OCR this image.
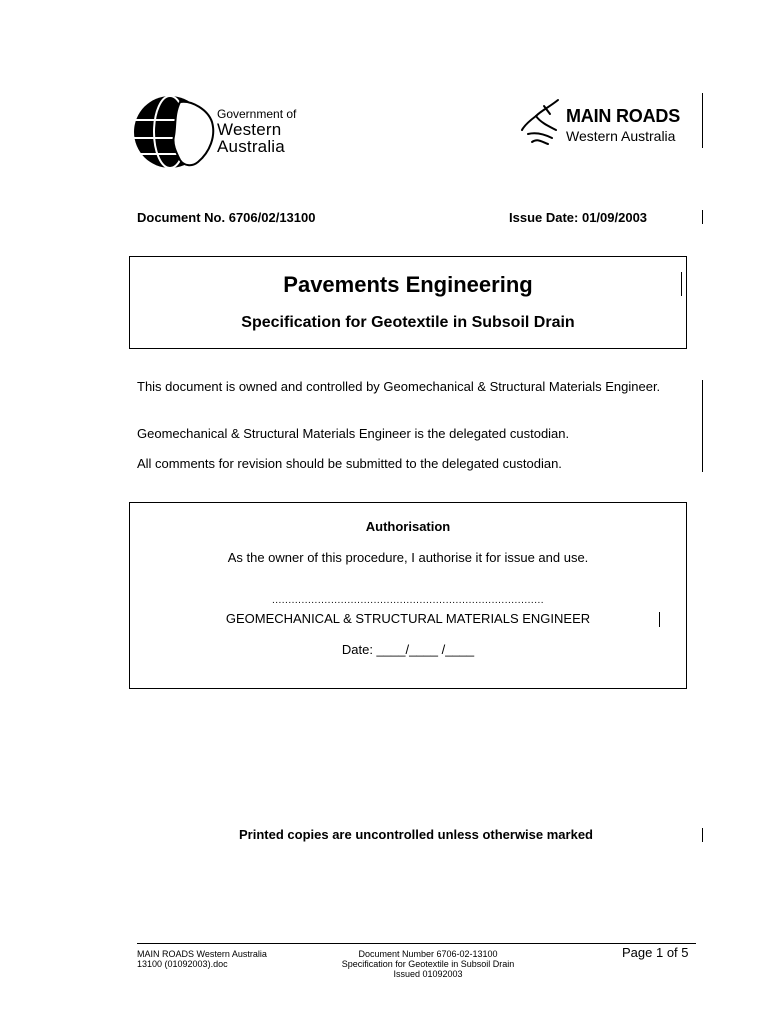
Government of
Western
Australia
MAIN ROADS
Western Australia
Document No. 6706/02/13100	Issue Date: 01/09/2003
Pavements Engineering
Specification for Geotextile in Subsoil Drain
This document is owned and controlled by Geomechanical & Structural Materials Engineer.
Geomechanical & Structural Materials Engineer is the delegated custodian.
All comments for revision should be submitted to the delegated custodian.
Authorisation
As the owner of this procedure, I authorise it for issue and use.
...................................................................................
GEOMECHANICAL & STRUCTURAL MATERIALS ENGINEER
Date: ____/____ /____
Printed copies are uncontrolled unless otherwise marked
MAIN ROADS Western Australia
13100 (01092003).doc
Document Number 6706-02-13100
Specification for Geotextile in Subsoil Drain
Issued 01092003
Page 1 of 5
